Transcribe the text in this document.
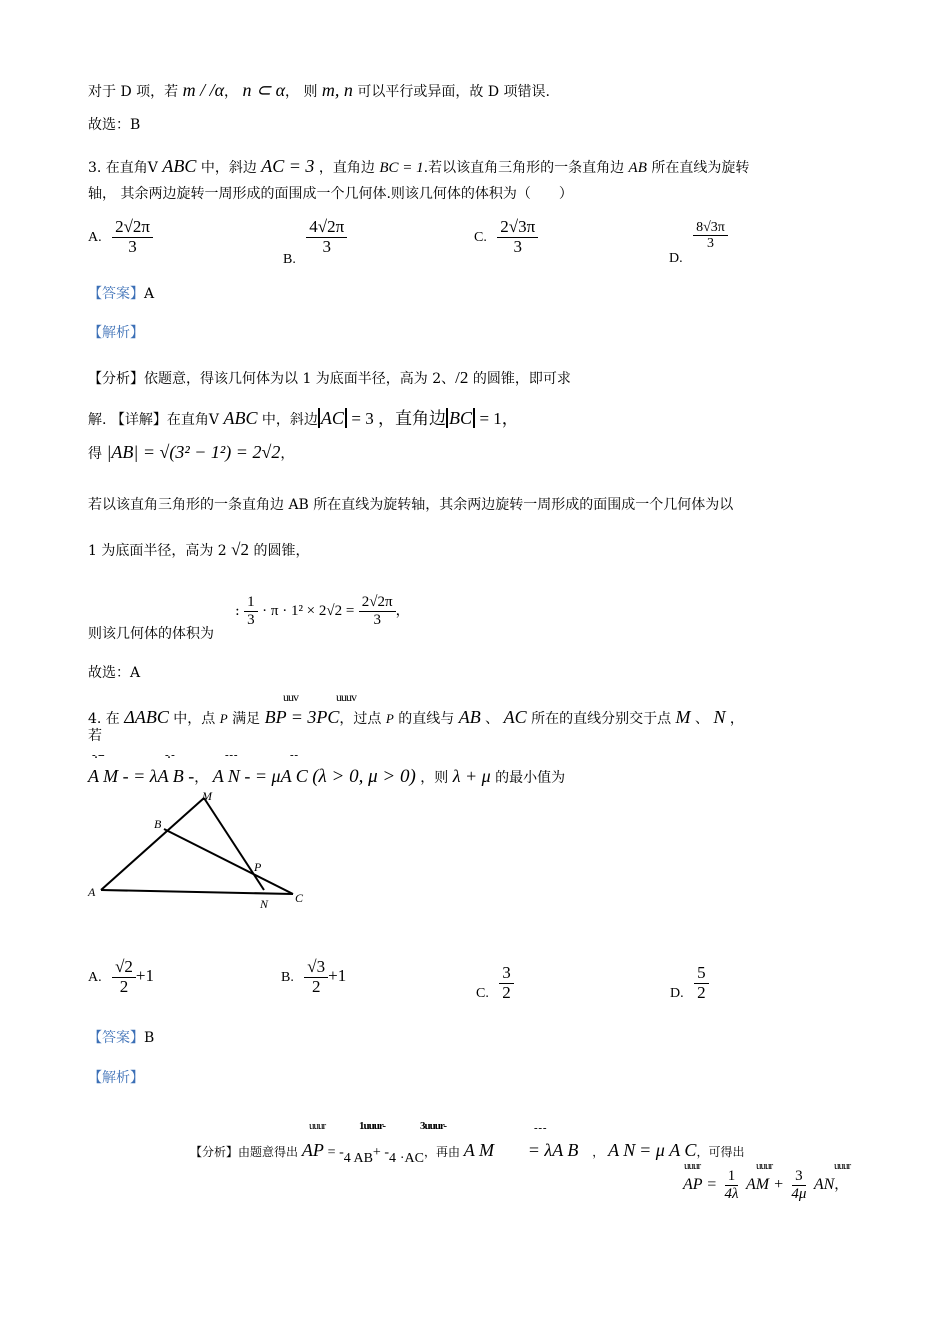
对于 D 项，若 m / /α， n ⊂ α， 则 m, n 可以平行或异面，故 D 项错误.
故选：B
3. 在直角V ABC 中，斜边 AC = 3 ，直角边 BC = 1.若以该直角三角形的一条直角边 AB 所在直线为旋转
轴， 其余两边旋转一周形成的面围成一个几何体.则该几何体的体积为（　　）
A. $\frac{2√2\pi}{3}$
B.
$\frac{4√2\pi}{3}$	C. $\frac{2√3\pi}{3}$
D.
$\frac{8√3\pi}{3}$
【答案】A
【解析】
【分析】依题意，得该几何体为以 1 为底面半径，高为 2、/2 的圆锥，即可求
解. 【详解】在直角V ABC 中，斜边 AC = 3 ，直角边 BC = 1，
得 |AB| = √(3² − 1²) = 2√2，
若以该直角三角形的一条直角边 AB 所在直线为旋转轴，其余两边旋转一周形成的面围成一个几何体为以
1 为底面半径，高为 2 √2 的圆锥，
则该几何体的体积为
: $\frac{1}{3} \cdot \pi \cdot 1^2 \times 2√2 = \frac{2√2\pi}{3}$ ，
故选：A
uuv	uuuv
4. 在 ΔABC 中，点 P 满足 BP = 3PC，过点 P 的直线与 AB 、 AC 所在的直线分别交于点 M 、 N ，
若
-. --	-. -	- - -	- -
A M - = λA B -， A N - = μA C (λ > 0, μ > 0) ，则 λ + μ 的最小值为
A
B
C
M
N
P
A. $\frac{√2}{2} +1$	B. $\frac{√3}{2} +1$
C. $\frac{3}{2}$	D. $\frac{5}{2}$
【答案】B
【解析】
uuur	1uuur-	3uuur-	- - -
【分析】由题意得出 AP = -4 AB+ -4 ·AC，再由 A M = λA B ， A N = μ A C，可得出
uuur	uuur	uuur
AP = $\frac{1}{4\lambda}$ AM + $\frac{3}{4\mu}$ AN，
